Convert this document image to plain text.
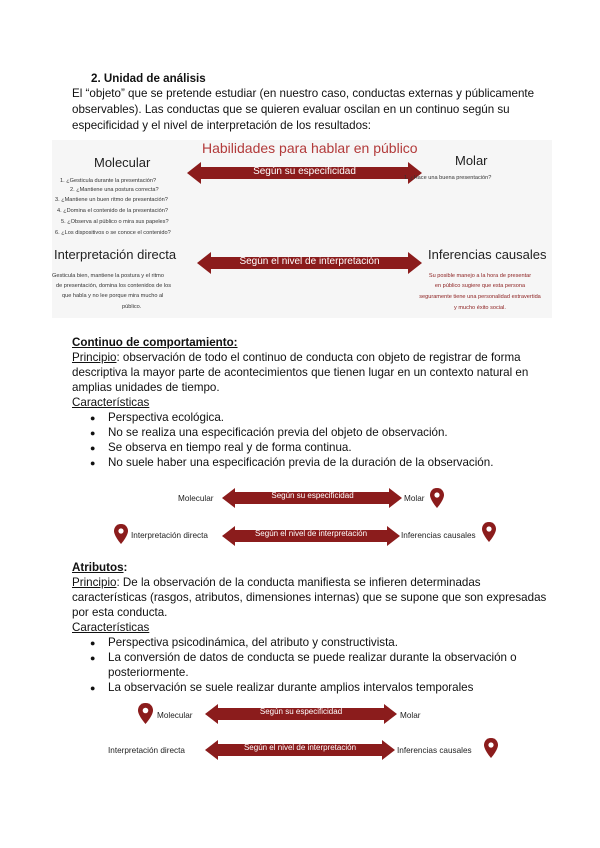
2. Unidad de análisis
El “objeto” que se pretende estudiar (en nuestro caso, conductas externas y públicamente
observables). Las conductas que se quieren evaluar oscilan en un continuo según su
especificidad y el nivel de interpretación de los resultados:
Habilidades para hablar en público
Molecular	Molar
Según su especificidad
1. ¿Gesticula durante la presentación?
2. ¿Mantiene una postura correcta?
3. ¿Mantiene un buen ritmo de presentación?
4. ¿Domina el contenido de la presentación?
5. ¿Observa al público o mira sus papeles?
6. ¿Los dispositivos o se conoce el contenido?
1. ¿Hace una buena presentación?
Interpretación directa	Inferencias causales
Según el nivel de interpretación
Gesticula bien, mantiene la postura y el ritmo
de presentación, domina los contenidos de los
que habla y no lee porque mira mucho al
público.
Su posible manejo a la hora de presentar
en público sugiere que esta persona
seguramente tiene una personalidad extravertida
y mucho éxito social.
Continuo de comportamiento:
Principio: observación de todo el continuo de conducta con objeto de registrar de forma
descriptiva la mayor parte de acontecimientos que tienen lugar en un contexto natural en
amplias unidades de tiempo.
Características
● Perspectiva ecológica.
● No se realiza una especificación previa del objeto de observación.
● Se observa en tiempo real y de forma continua.
● No suele haber una especificación previa de la duración de la observación.
Molecular	Según su especificidad	Molar
Interpretación directa	Según el nivel de interpretación	Inferencias causales
Atributos:
Principio: De la observación de la conducta manifiesta se infieren determinadas
características (rasgos, atributos, dimensiones internas) que se supone que son expresadas
por esta conducta.
Características
● Perspectiva psicodinámica, del atributo y constructivista.
● La conversión de datos de conducta se puede realizar durante la observación o
posteriormente.
● La observación se suele realizar durante amplios intervalos temporales
Molecular	Según su especificidad	Molar
Interpretación directa	Según el nivel de interpretación	Inferencias causales
